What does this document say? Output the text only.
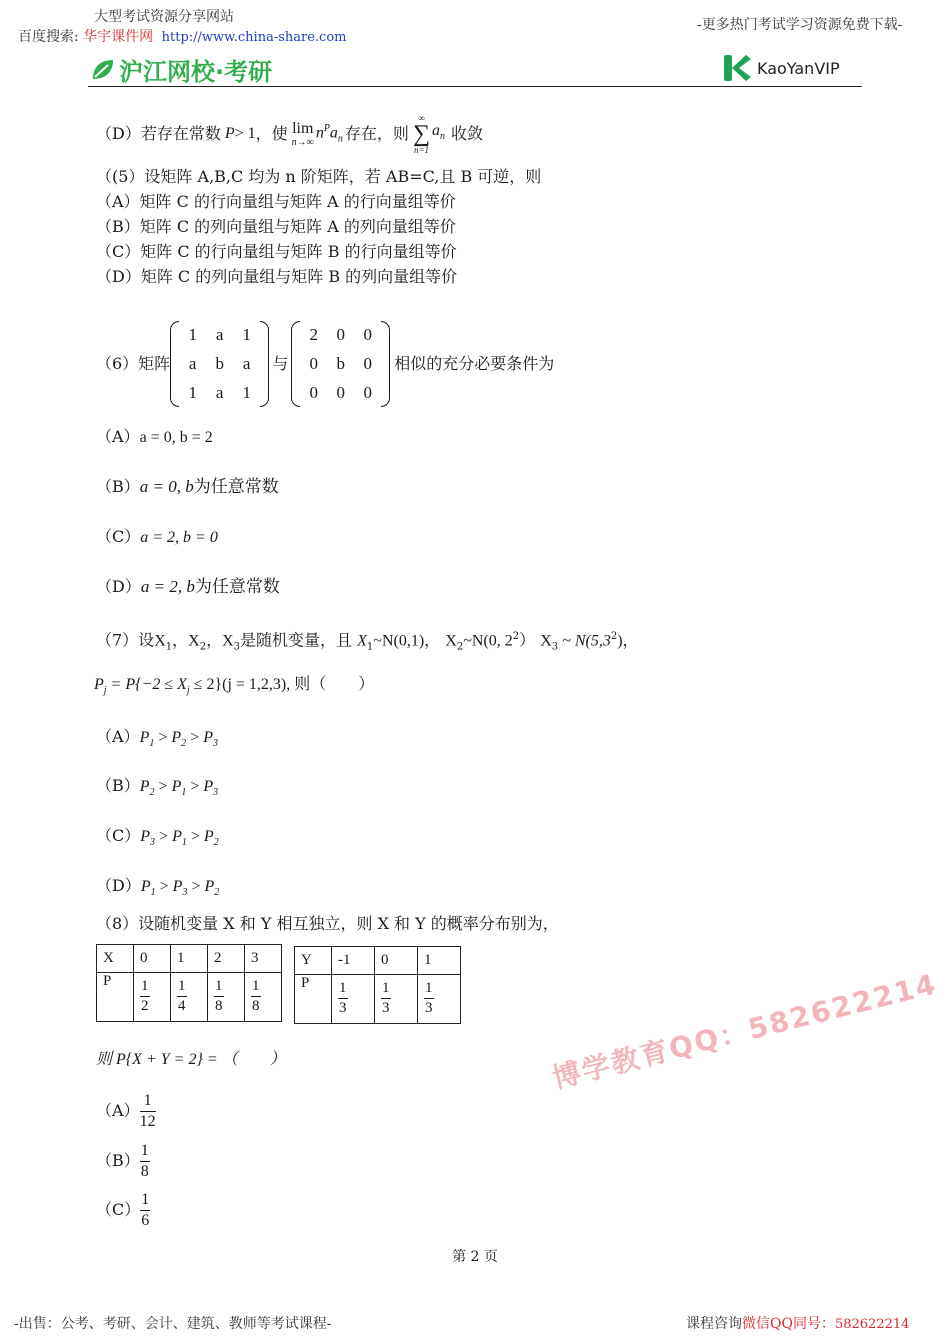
大型考试资源分享网站
百度搜索: 华宇课件网 http://www.china-share.com
-更多热门考试学习资源免费下载-
沪江网校·考研	KaoYanVIP
（D）若存在常数 P > 1 ，使 lim
n→∞
$n^Pa_n$ 存在，则
∞
∑
n=1
$a_n$ 收敛
（(5）设矩阵 A,B,C 均为 n 阶矩阵，若 AB=C,且 B 可逆，则
（A）矩阵 C 的行向量组与矩阵 A 的行向量组等价
（B）矩阵 C 的列向量组与矩阵 A 的列向量组等价
（C）矩阵 C 的行向量组与矩阵 B 的行向量组等价
（D）矩阵 C 的列向量组与矩阵 B 的列向量组等价
（6）矩阵
1	a	1
a	b	a
1	a	1
与
2	0	0
0	b	0
0	0	0
相似的充分必要条件为
（A）a = 0, b = 2
（B）a = 0, b为任意常数
（C）a = 2, b = 0
（D）a = 2, b为任意常数
（7）设$X_1$，$X_2$，$X_3$是随机变量，且 $X_1\sim N(0,1)$， $X_2\sim N(0$, $2^2$） $X_3$ ~ $N(5,3^2)$，
$P_j = P\{-2 \le X_j \le 2\}(j = 1,2,3)$, 则（　　）
$(A)P_1 > P_2 > P_3$
$(B)P_2 > P_1 > P_3$
$(C)P_3 > P_1 > P_2$
$(D)P_1 > P_3 > P_2$
（8）设随机变量 X 和 Y 相互独立，则 X 和 Y 的概率分布别为，
X	0	1	2	3
P	$\frac{1}{2}$	$\frac{1}{4}$	$\frac{1}{8}$	$\frac{1}{8}$
Y	-1	0	1
P	$\frac{1}{3}$	$\frac{1}{3}$	$\frac{1}{3}$
则 P{X + Y = 2} = （　　）
$(A) \frac{1}{12}$
$(B) \frac{1}{8}$
$(C) \frac{1}{6}$
博学教育QQ：582622214
第 2 页
-出售：公考、考研、会计、建筑、教师等考试课程-	课程咨询微信QQ同号：582622214
